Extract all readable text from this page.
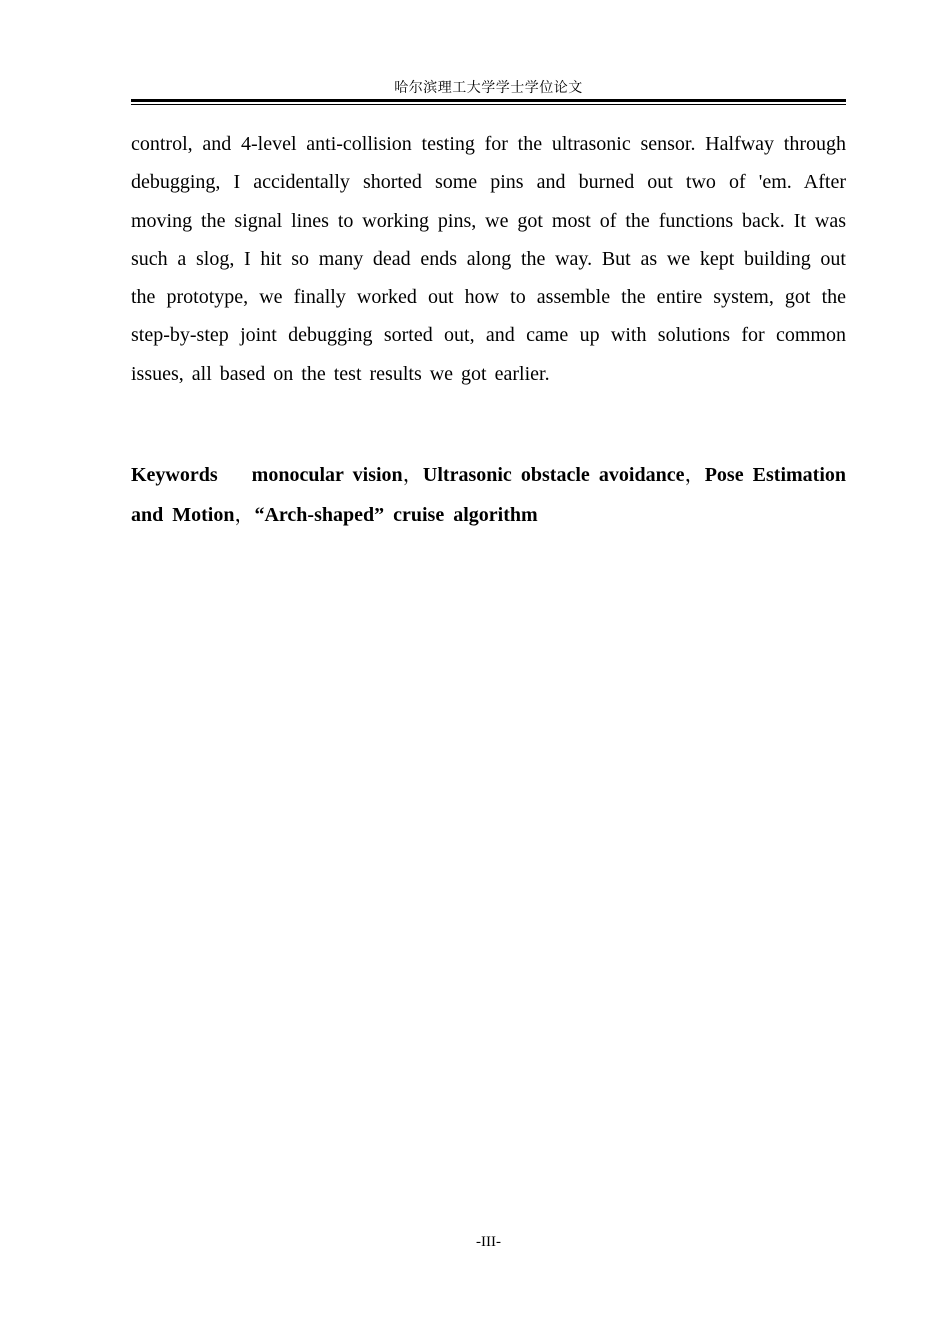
哈尔滨理工大学学士学位论文

control, and 4-level anti-collision testing for the ultrasonic sensor. Halfway through debugging, I accidentally shorted some pins and burned out two of 'em. After moving the signal lines to working pins, we got most of the functions back. It was such a slog, I hit so many dead ends along the way. But as we kept building out the prototype, we finally worked out how to assemble the entire system, got the step-by-step joint debugging sorted out, and came up with solutions for common issues, all based on the test results we got earlier.

Keywords monocular vision，Ultrasonic obstacle avoidance，Pose Estimation and Motion，“Arch-shaped” cruise algorithm

-III-
